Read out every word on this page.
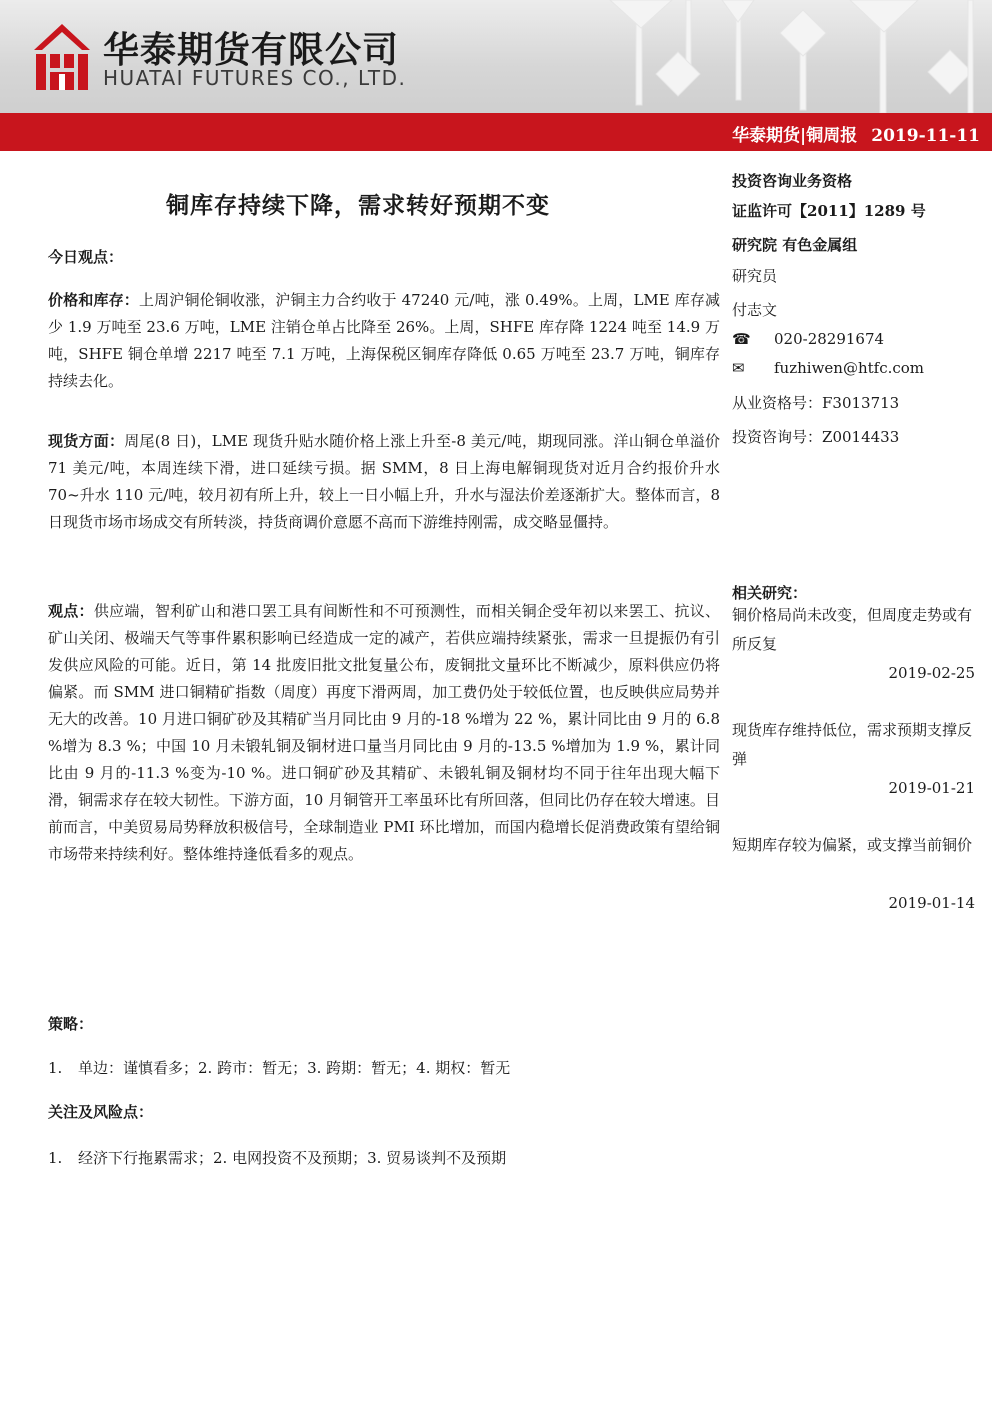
华泰期货有限公司
HUATAI FUTURES CO., LTD.
华泰期货|铜周报 2019-11-11
铜库存持续下降，需求转好预期不变
今日观点：

价格和库存：上周沪铜伦铜收涨，沪铜主力合约收于 47240 元/吨，涨 0.49%。上周，LME 库存减少 1.9 万吨至 23.6 万吨，LME 注销仓单占比降至 26%。上周，SHFE 库存降 1224 吨至 14.9 万吨，SHFE 铜仓单增 2217 吨至 7.1 万吨，上海保税区铜库存降低 0.65 万吨至 23.7 万吨，铜库存持续去化。

现货方面：周尾(8 日)，LME 现货升贴水随价格上涨上升至-8 美元/吨，期现同涨。洋山铜仓单溢价 71 美元/吨，本周连续下滑，进口延续亏损。据 SMM，8 日上海电解铜现货对近月合约报价升水 70~升水 110 元/吨，较月初有所上升，较上一日小幅上升，升水与湿法价差逐渐扩大。整体而言，8 日现货市场市场成交有所转淡，持货商调价意愿不高而下游维持刚需，成交略显僵持。

观点：供应端，智利矿山和港口罢工具有间断性和不可预测性，而相关铜企受年初以来罢工、抗议、矿山关闭、极端天气等事件累积影响已经造成一定的减产，若供应端持续紧张，需求一旦提振仍有引发供应风险的可能。近日，第 14 批废旧批文批复量公布，废铜批文量环比不断减少，原料供应仍将偏紧。而 SMM 进口铜精矿指数（周度）再度下滑两周，加工费仍处于较低位置，也反映供应局势并无大的改善。10 月进口铜矿砂及其精矿当月同比由 9 月的-18 %增为 22 %，累计同比由 9 月的 6.8 %增为 8.3 %；中国 10 月未锻轧铜及铜材进口量当月同比由 9 月的-13.5 %增加为 1.9 %，累计同比由 9 月的-11.3 %变为-10 %。进口铜矿砂及其精矿、未锻轧铜及铜材均不同于往年出现大幅下滑，铜需求存在较大韧性。下游方面，10 月铜管开工率虽环比有所回落，但同比仍存在较大增速。目前而言，中美贸易局势释放积极信号，全球制造业 PMI 环比增加，而国内稳增长促消费政策有望给铜市场带来持续利好。整体维持逢低看多的观点。

策略：
1. 单边：谨慎看多；2. 跨市：暂无；3. 跨期：暂无；4. 期权：暂无
关注及风险点：
1. 经济下行拖累需求；2. 电网投资不及预期；3. 贸易谈判不及预期
投资咨询业务资格
证监许可【2011】1289 号
研究院 有色金属组
研究员
付志文
☎ 020-28291674
✉ fuzhiwen@htfc.com
从业资格号：F3013713
投资咨询号：Z0014433
相关研究：

铜价格局尚未改变，但周度走势或有所反复

2019-02-25

现货库存维持低位，需求预期支撑反弹

2019-01-21

短期库存较为偏紧，或支撑当前铜价

2019-01-14
